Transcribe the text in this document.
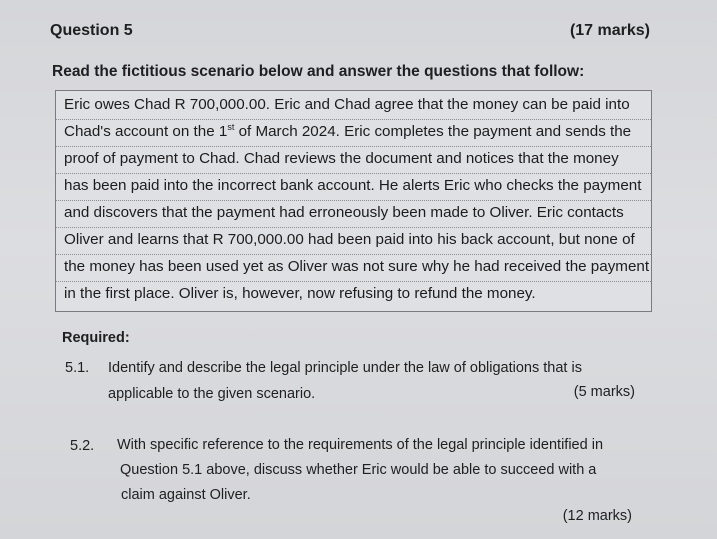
Question 5	(17 marks)
Read the fictitious scenario below and answer the questions that follow:
Eric owes Chad R 700,000.00. Eric and Chad agree that the money can be paid into
Chad's account on the 1st of March 2024. Eric completes the payment and sends the
proof of payment to Chad. Chad reviews the document and notices that the money
has been paid into the incorrect bank account. He alerts Eric who checks the payment
and discovers that the payment had erroneously been made to Oliver. Eric contacts
Oliver and learns that R 700,000.00 had been paid into his back account, but none of
the money has been used yet as Oliver was not sure why he had received the payment
in the first place. Oliver is, however, now refusing to refund the money.
Required:
5.1. Identify and describe the legal principle under the law of obligations that is
applicable to the given scenario.	(5 marks)
5.2. With specific reference to the requirements of the legal principle identified in
Question 5.1 above, discuss whether Eric would be able to succeed with a
claim against Oliver.
(12 marks)
